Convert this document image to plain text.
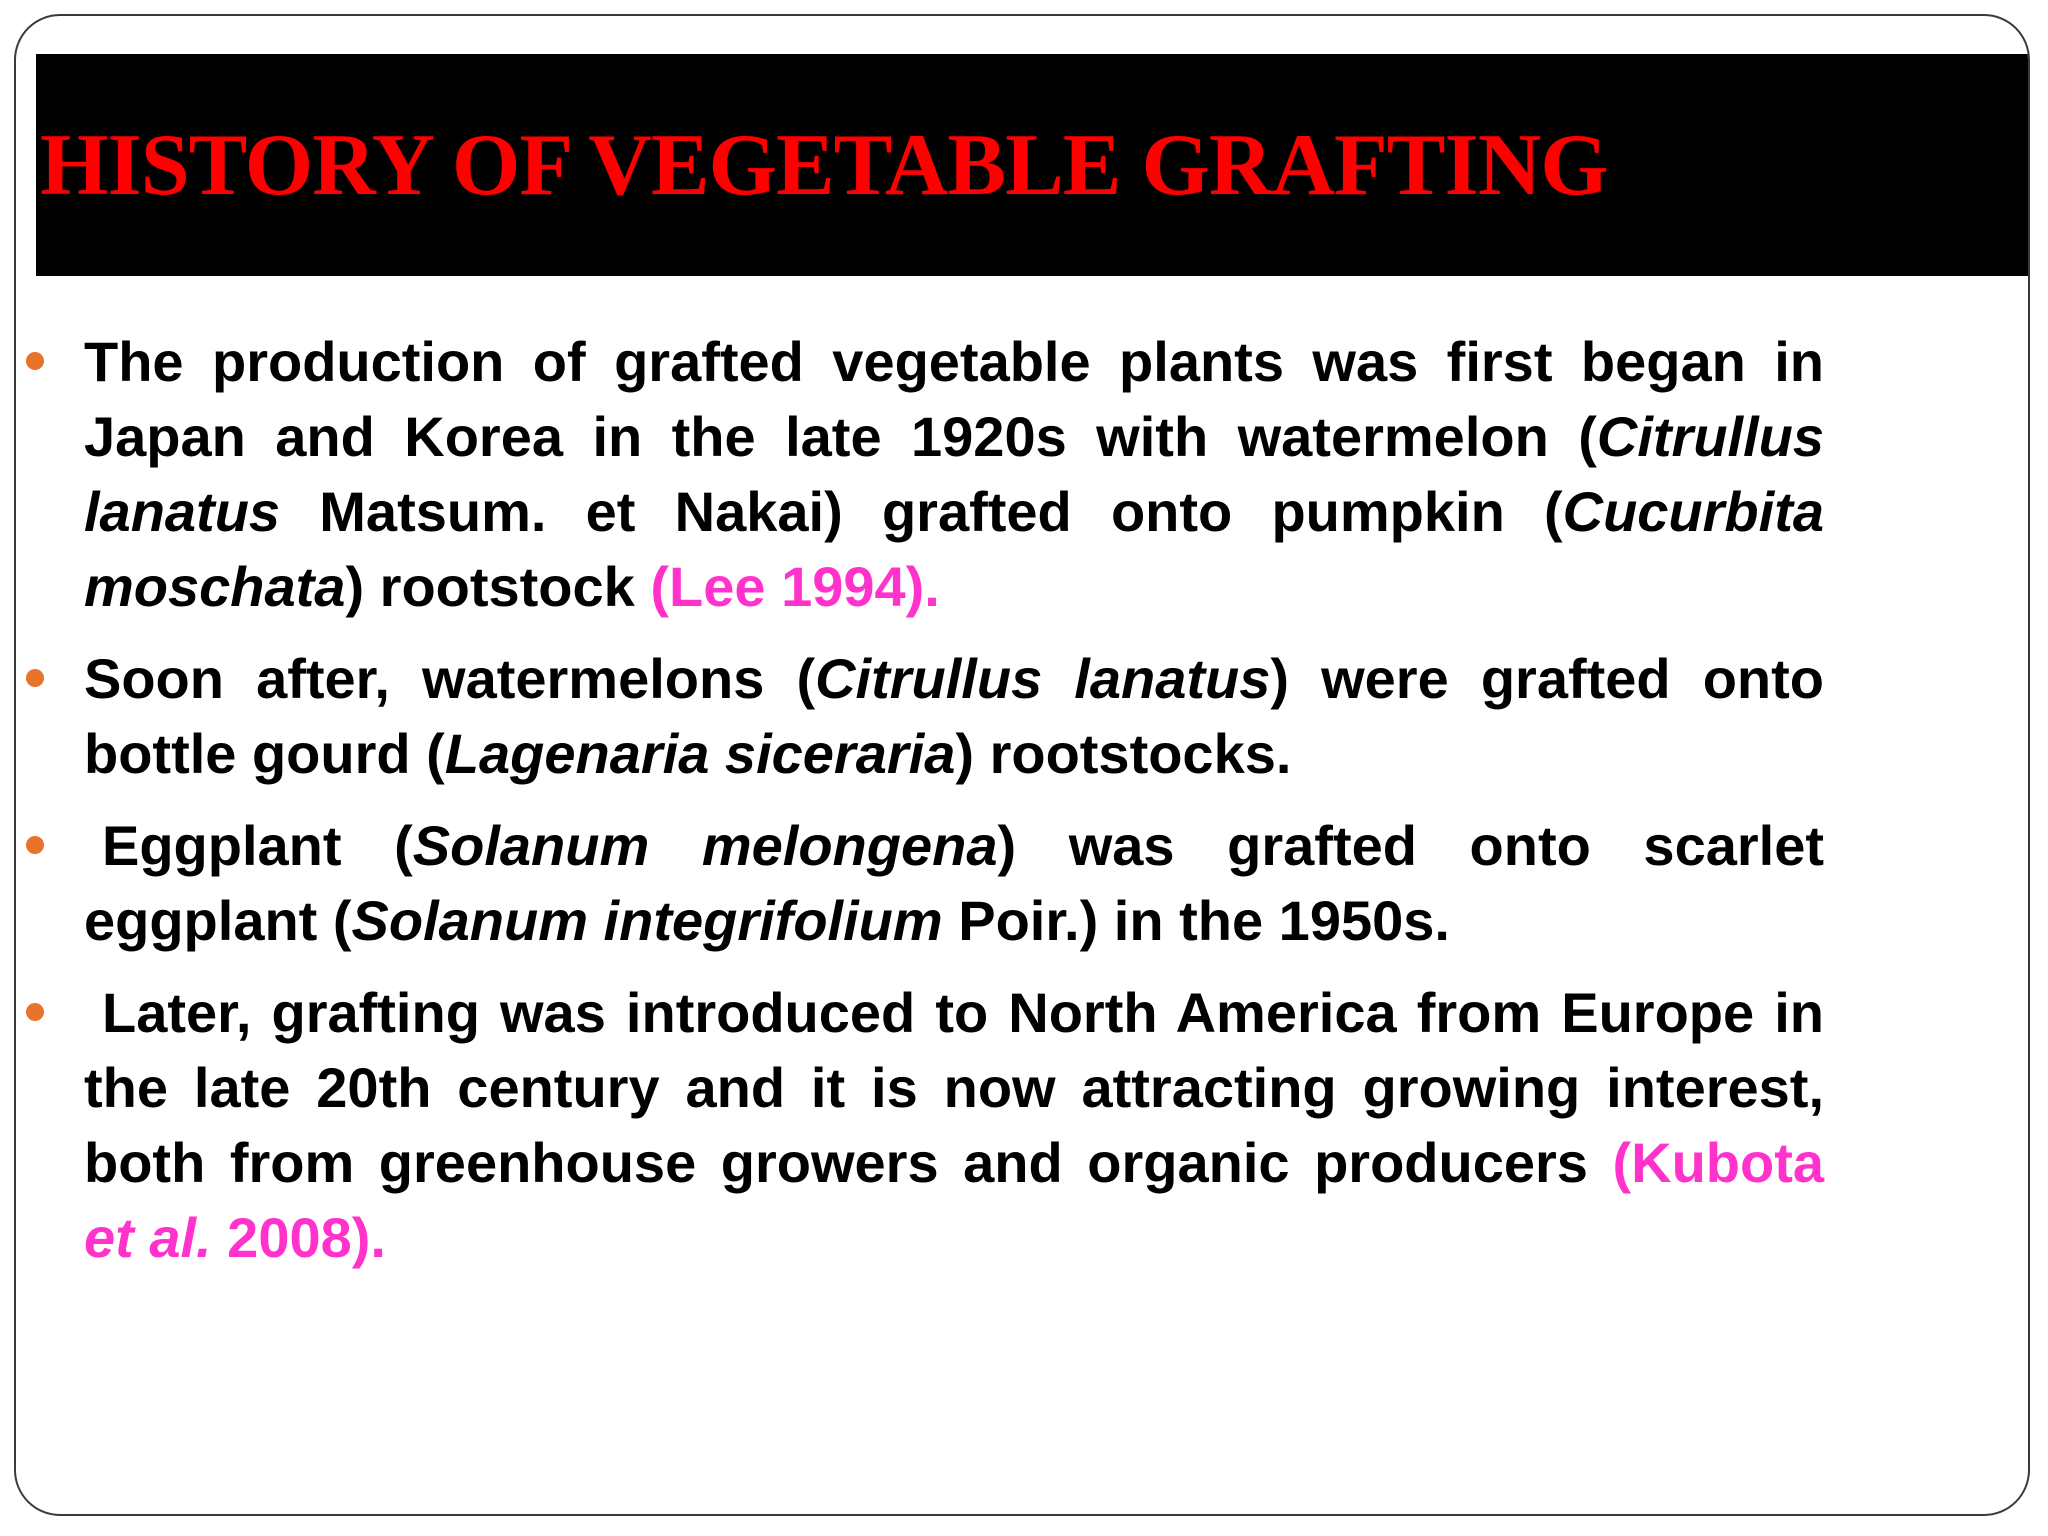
HISTORY OF VEGETABLE GRAFTING
The production of grafted vegetable plants was first began in Japan and Korea in the late 1920s with watermelon (Citrullus lanatus Matsum. et Nakai) grafted onto pumpkin (Cucurbita moschata) rootstock (Lee 1994).
Soon after, watermelons (Citrullus lanatus) were grafted onto bottle gourd (Lagenaria siceraria) rootstocks.
Eggplant (Solanum melongena) was grafted onto scarlet eggplant (Solanum integrifolium Poir.) in the 1950s.
Later, grafting was introduced to North America from Europe in the late 20th century and it is now attracting growing interest, both from greenhouse growers and organic producers (Kubota et al. 2008).
